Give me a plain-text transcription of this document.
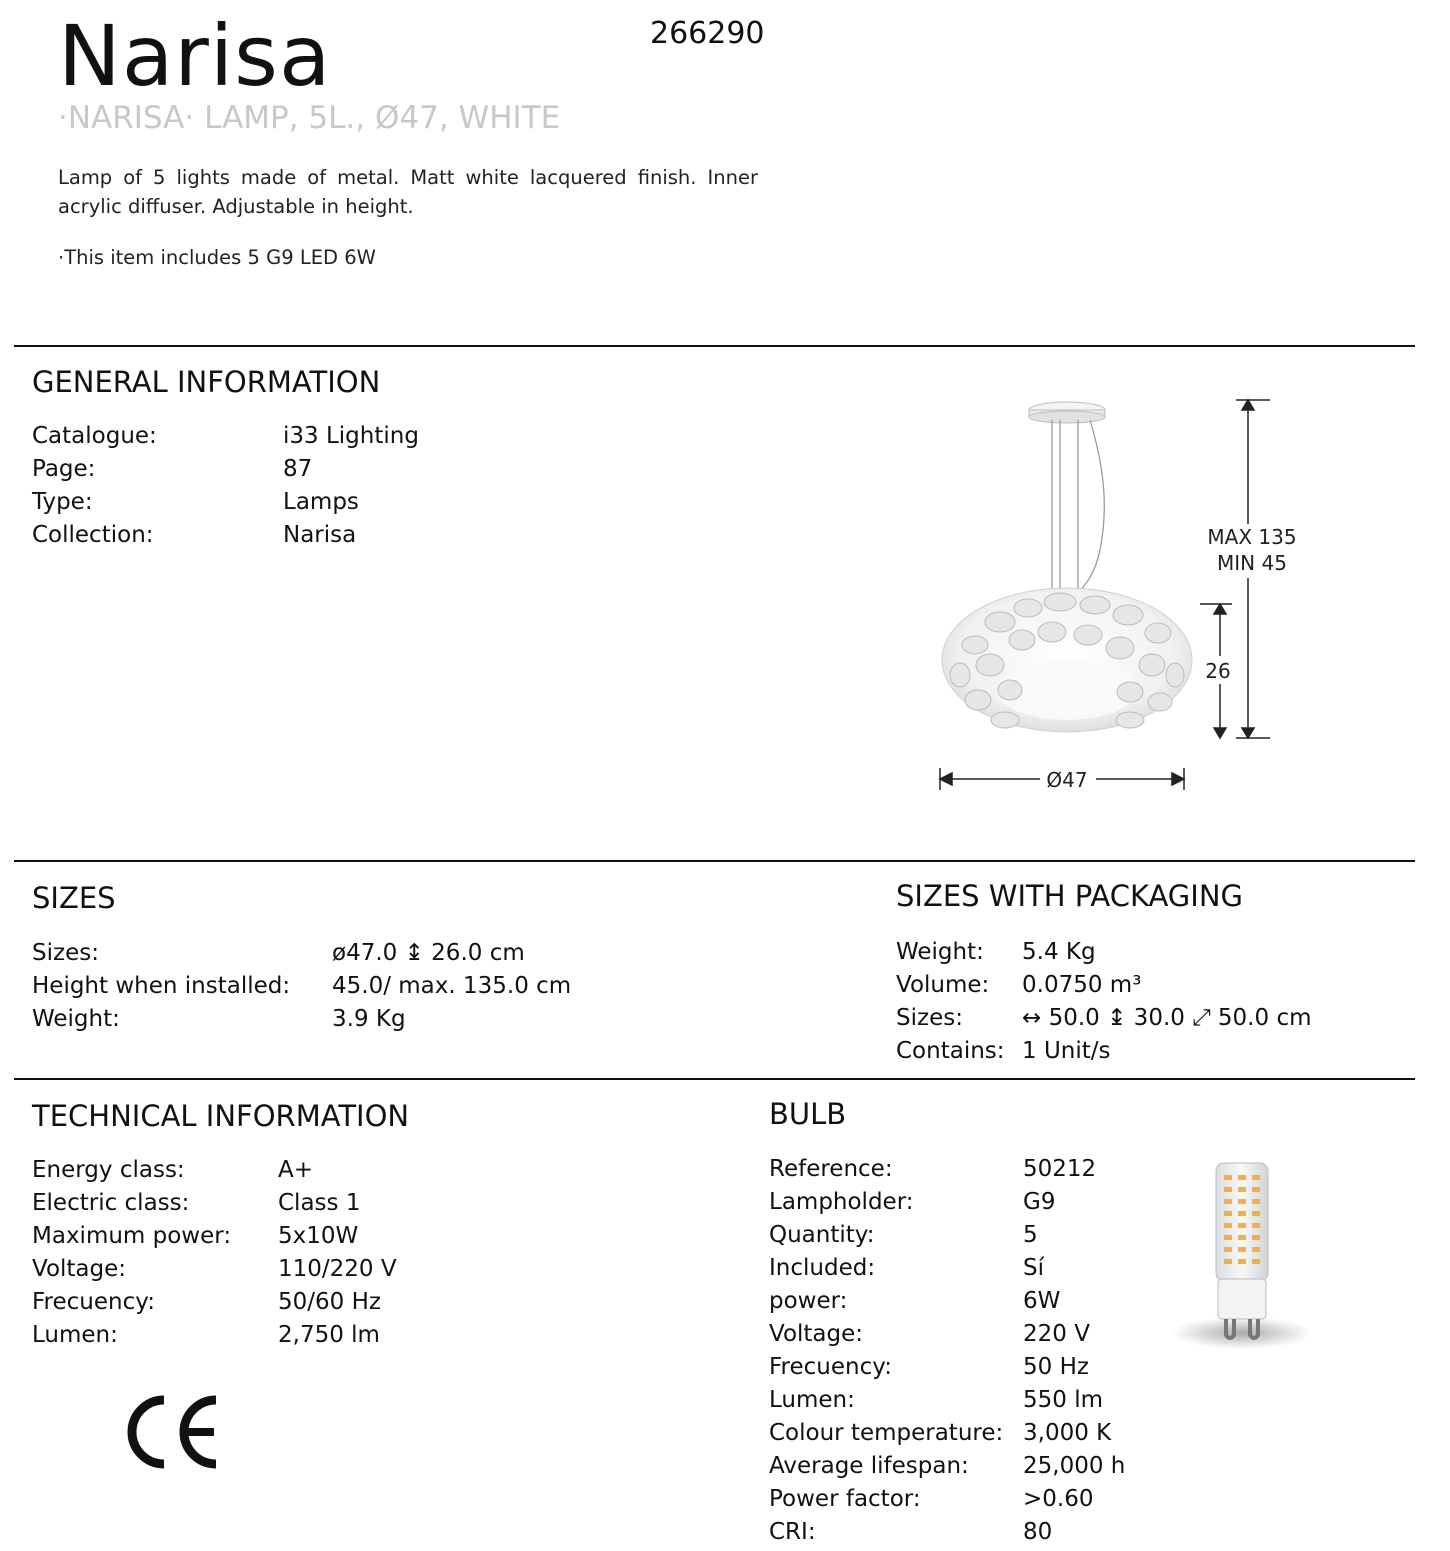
Narisa	266290
·NARISA· LAMP, 5L., Ø47, WHITE
Lamp of 5 lights made of metal. Matt white lacquered finish. Inner acrylic diffuser. Adjustable in height.
·This item includes 5 G9 LED 6W
GENERAL INFORMATION
Catalogue:	i33 Lighting
Page:	87
Type:	Lamps
Collection:	Narisa	MAX 135
MIN 45
26
Ø47
SIZES
Sizes:	ø47.0 ↨ 26.0 cm
Height when installed:	45.0/ max. 135.0 cm
Weight:	3.9 Kg
SIZES WITH PACKAGING
Weight:	5.4 Kg
Volume:	0.0750 m³
Sizes:	↔ 50.0 ↨ 30.0 ⤢ 50.0 cm
Contains: 1 Unit/s
TECHNICAL INFORMATION
Energy class:	A+
Electric class:	Class 1
Maximum power:	5x10W
Voltage:	110/220 V
Frecuency:	50/60 Hz
Lumen:	2,750 lm
BULB
Reference:	50212
Lampholder:	G9
Quantity:	5
Included:	Sí
power:	6W
Voltage:	220 V
Frecuency:	50 Hz
Lumen:	550 lm
Colour temperature: 3,000 K
Average lifespan:	25,000 h
Power factor:	>0.60
CRI:	80
